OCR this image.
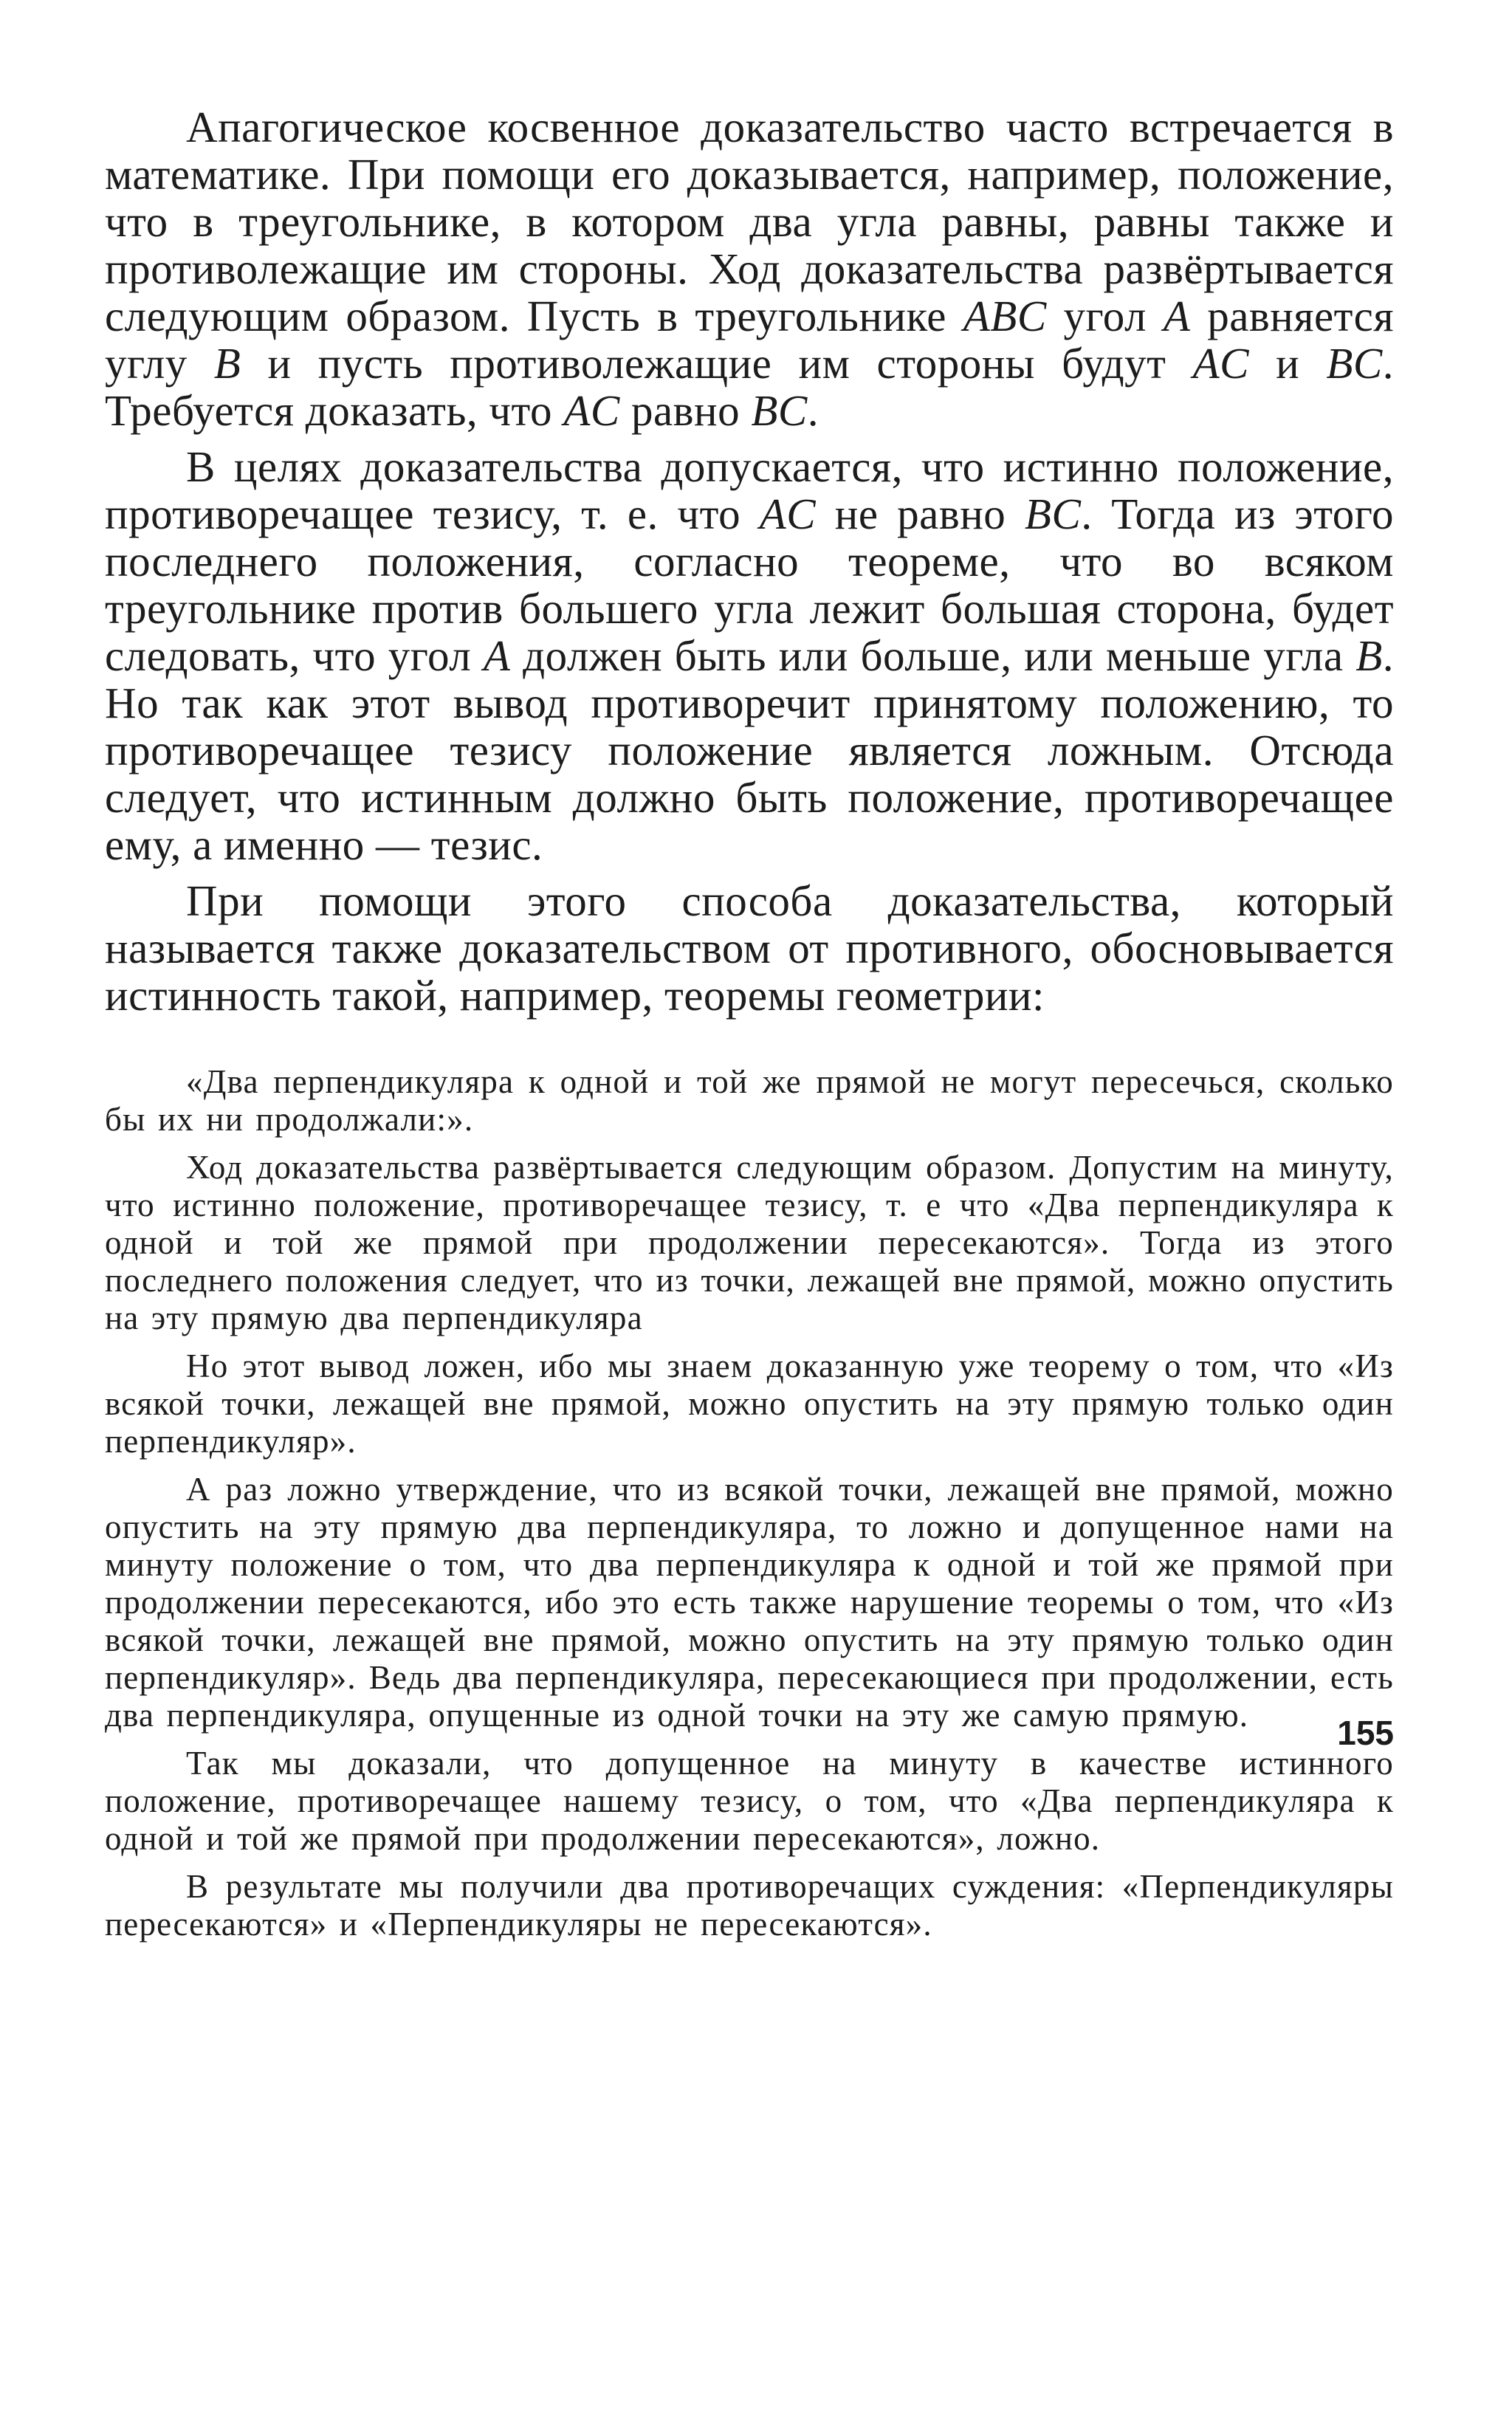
Апагогическое косвенное доказательство часто встречается в математике. При помощи его доказывается, например, положение, что в треугольнике, в котором два угла равны, равны также и противолежащие им стороны. Ход доказательства развёртывается следующим образом. Пусть в треугольнике ABC угол A равняется углу B и пусть противолежащие им стороны будут AC и BC. Требуется доказать, что AC равно BC.

В целях доказательства допускается, что истинно положение, противоречащее тезису, т. е. что AC не равно BC. Тогда из этого последнего положения, согласно теореме, что во всяком треугольнике против большего угла лежит большая сторона, будет следовать, что угол A должен быть или больше, или меньше угла B. Но так как этот вывод противоречит принятому положению, то противоречащее тезису положение является ложным. Отсюда следует, что истинным должно быть положение, противоречащее ему, а именно — тезис.

При помощи этого способа доказательства, который называется также доказательством от противного, обосновывается истинность такой, например, теоремы геометрии:

«Два перпендикуляра к одной и той же прямой не могут пересечься, сколько бы их ни продолжали:».

Ход доказательства развёртывается следующим образом. Допустим на минуту, что истинно положение, противоречащее тезису, т. е что «Два перпендикуляра к одной и той же прямой при продолжении пересекаются». Тогда из этого последнего положения следует, что из точки, лежащей вне прямой, можно опустить на эту прямую два перпендикуляра

Но этот вывод ложен, ибо мы знаем доказанную уже теорему о том, что «Из всякой точки, лежащей вне прямой, можно опустить на эту прямую только один перпендикуляр».

А раз ложно утверждение, что из всякой точки, лежащей вне прямой, можно опустить на эту прямую два перпендикуляра, то ложно и допущенное нами на минуту положение о том, что два перпендикуляра к одной и той же прямой при продолжении пересекаются, ибо это есть также нарушение теоремы о том, что «Из всякой точки, лежащей вне прямой, можно опустить на эту прямую только один перпендикуляр». Ведь два перпендикуляра, пересекающиеся при продолжении, есть два перпендикуляра, опущенные из одной точки на эту же самую прямую.

Так мы доказали, что допущенное на минуту в качестве истинного положение, противоречащее нашему тезису, о том, что «Два перпендикуляра к одной и той же прямой при продолжении пересекаются», ложно.

В результате мы получили два противоречащих суждения: «Перпендикуляры пересекаются» и «Перпендикуляры не пересекаются».

155
